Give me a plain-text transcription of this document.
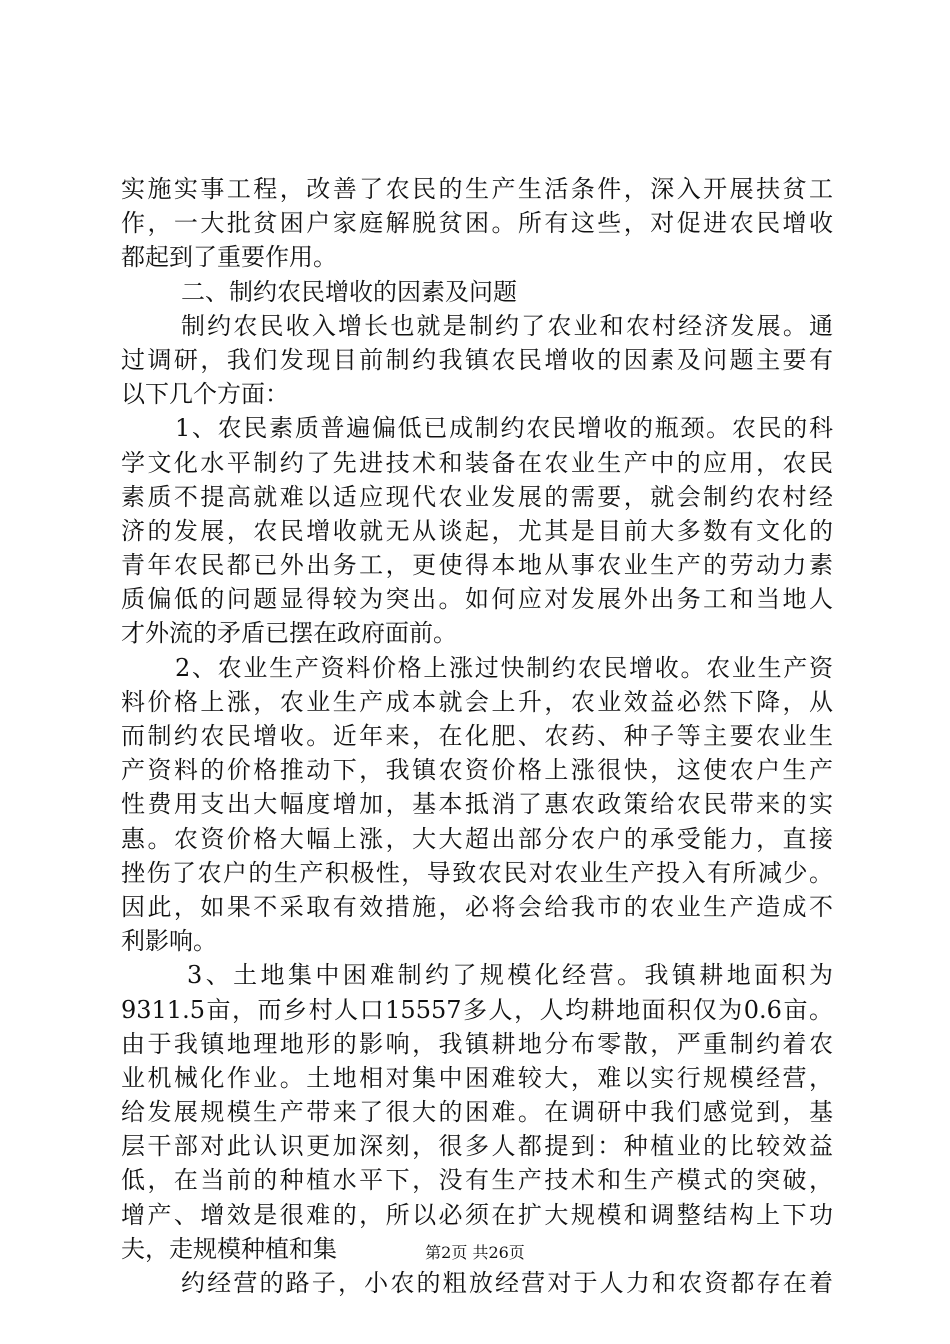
实施实事工程，改善了农民的生产生活条件，深入开展扶贫工
作，一大批贫困户家庭解脱贫困。所有这些，对促进农民增收
都起到了重要作用。
二、制约农民增收的因素及问题
制约农民收入增长也就是制约了农业和农村经济发展。通
过调研，我们发现目前制约我镇农民增收的因素及问题主要有
以下几个方面：
1、农民素质普遍偏低已成制约农民增收的瓶颈。农民的科
学文化水平制约了先进技术和装备在农业生产中的应用，农民
素质不提高就难以适应现代农业发展的需要，就会制约农村经
济的发展，农民增收就无从谈起，尤其是目前大多数有文化的
青年农民都已外出务工，更使得本地从事农业生产的劳动力素
质偏低的问题显得较为突出。如何应对发展外出务工和当地人
才外流的矛盾已摆在政府面前。
2、农业生产资料价格上涨过快制约农民增收。农业生产资
料价格上涨，农业生产成本就会上升，农业效益必然下降，从
而制约农民增收。近年来，在化肥、农药、种子等主要农业生
产资料的价格推动下，我镇农资价格上涨很快，这使农户生产
性费用支出大幅度增加，基本抵消了惠农政策给农民带来的实
惠。农资价格大幅上涨，大大超出部分农户的承受能力，直接
挫伤了农户的生产积极性，导致农民对农业生产投入有所减少。
因此，如果不采取有效措施，必将会给我市的农业生产造成不
利影响。
3、土地集中困难制约了规模化经营。我镇耕地面积为
9311.5亩，而乡村人口15557多人，人均耕地面积仅为0.6亩。
由于我镇地理地形的影响，我镇耕地分布零散，严重制约着农
业机械化作业。土地相对集中困难较大，难以实行规模经营，
给发展规模生产带来了很大的困难。在调研中我们感觉到，基
层干部对此认识更加深刻，很多人都提到：种植业的比较效益
低，在当前的种植水平下，没有生产技术和生产模式的突破，
增产、增效是很难的，所以必须在扩大规模和调整结构上下功
夫，走规模种植和集
约经营的路子，小农的粗放经营对于人力和农资都存在着
第2页 共26页
